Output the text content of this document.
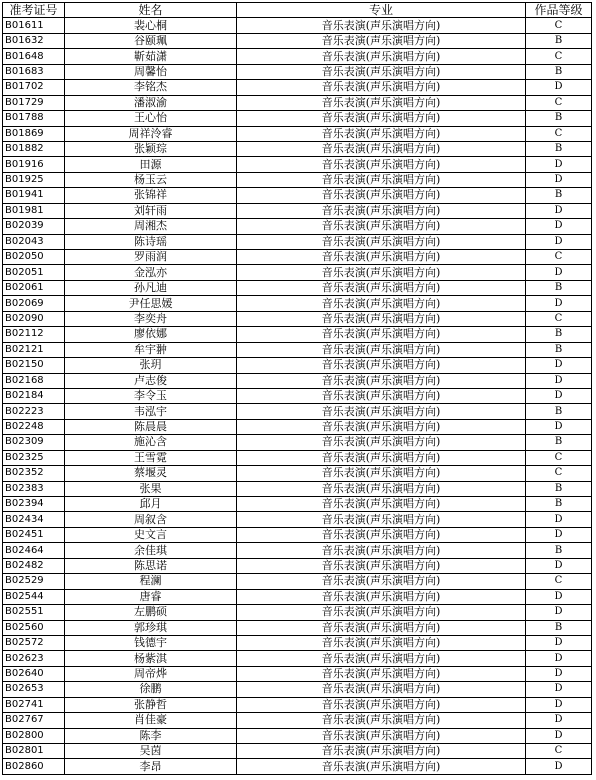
准考证号	姓名	专业	作品等级
B01611	裴心桐	音乐表演(声乐演唱方向)	C
B01632	谷颐珮	音乐表演(声乐演唱方向)	B
B01648	靳茹潇	音乐表演(声乐演唱方向)	C
B01683	周馨怡	音乐表演(声乐演唱方向)	B
B01702	李铭杰	音乐表演(声乐演唱方向)	D
B01729	潘淑渝	音乐表演(声乐演唱方向)	C
B01788	王心怡	音乐表演(声乐演唱方向)	B
B01869	周祥泠睿	音乐表演(声乐演唱方向)	C
B01882	张颖琮	音乐表演(声乐演唱方向)	B
B01916	田源	音乐表演(声乐演唱方向)	D
B01925	杨玉云	音乐表演(声乐演唱方向)	D
B01941	张锦祥	音乐表演(声乐演唱方向)	B
B01981	刘轩雨	音乐表演(声乐演唱方向)	D
B02039	周湘杰	音乐表演(声乐演唱方向)	D
B02043	陈诗瑶	音乐表演(声乐演唱方向)	D
B02050	罗雨润	音乐表演(声乐演唱方向)	C
B02051	金泓亦	音乐表演(声乐演唱方向)	D
B02061	孙凡迪	音乐表演(声乐演唱方向)	B
B02069	尹任思媛	音乐表演(声乐演唱方向)	D
B02090	李奕舟	音乐表演(声乐演唱方向)	C
B02112	廖依娜	音乐表演(声乐演唱方向)	B
B02121	牟宇翀	音乐表演(声乐演唱方向)	B
B02150	张玥	音乐表演(声乐演唱方向)	D
B02168	卢志俊	音乐表演(声乐演唱方向)	D
B02184	李令玉	音乐表演(声乐演唱方向)	D
B02223	韦泓宇	音乐表演(声乐演唱方向)	B
B02248	陈晨晨	音乐表演(声乐演唱方向)	D
B02309	施沁含	音乐表演(声乐演唱方向)	B
B02325	王雪霓	音乐表演(声乐演唱方向)	C
B02352	蔡堰灵	音乐表演(声乐演唱方向)	C
B02383	张果	音乐表演(声乐演唱方向)	B
B02394	邱月	音乐表演(声乐演唱方向)	B
B02434	周叙含	音乐表演(声乐演唱方向)	D
B02451	史文言	音乐表演(声乐演唱方向)	D
B02464	余佳琪	音乐表演(声乐演唱方向)	B
B02482	陈思诺	音乐表演(声乐演唱方向)	D
B02529	程澜	音乐表演(声乐演唱方向)	C
B02544	唐睿	音乐表演(声乐演唱方向)	D
B02551	左鹏硕	音乐表演(声乐演唱方向)	D
B02560	郭珍琪	音乐表演(声乐演唱方向)	B
B02572	钱德宇	音乐表演(声乐演唱方向)	D
B02623	杨紫淇	音乐表演(声乐演唱方向)	D
B02640	周帝烨	音乐表演(声乐演唱方向)	D
B02653	徐鹏	音乐表演(声乐演唱方向)	D
B02741	张静哲	音乐表演(声乐演唱方向)	D
B02767	肖佳豪	音乐表演(声乐演唱方向)	D
B02800	陈李	音乐表演(声乐演唱方向)	D
B02801	吴茵	音乐表演(声乐演唱方向)	C
B02860	李昂	音乐表演(声乐演唱方向)	D
